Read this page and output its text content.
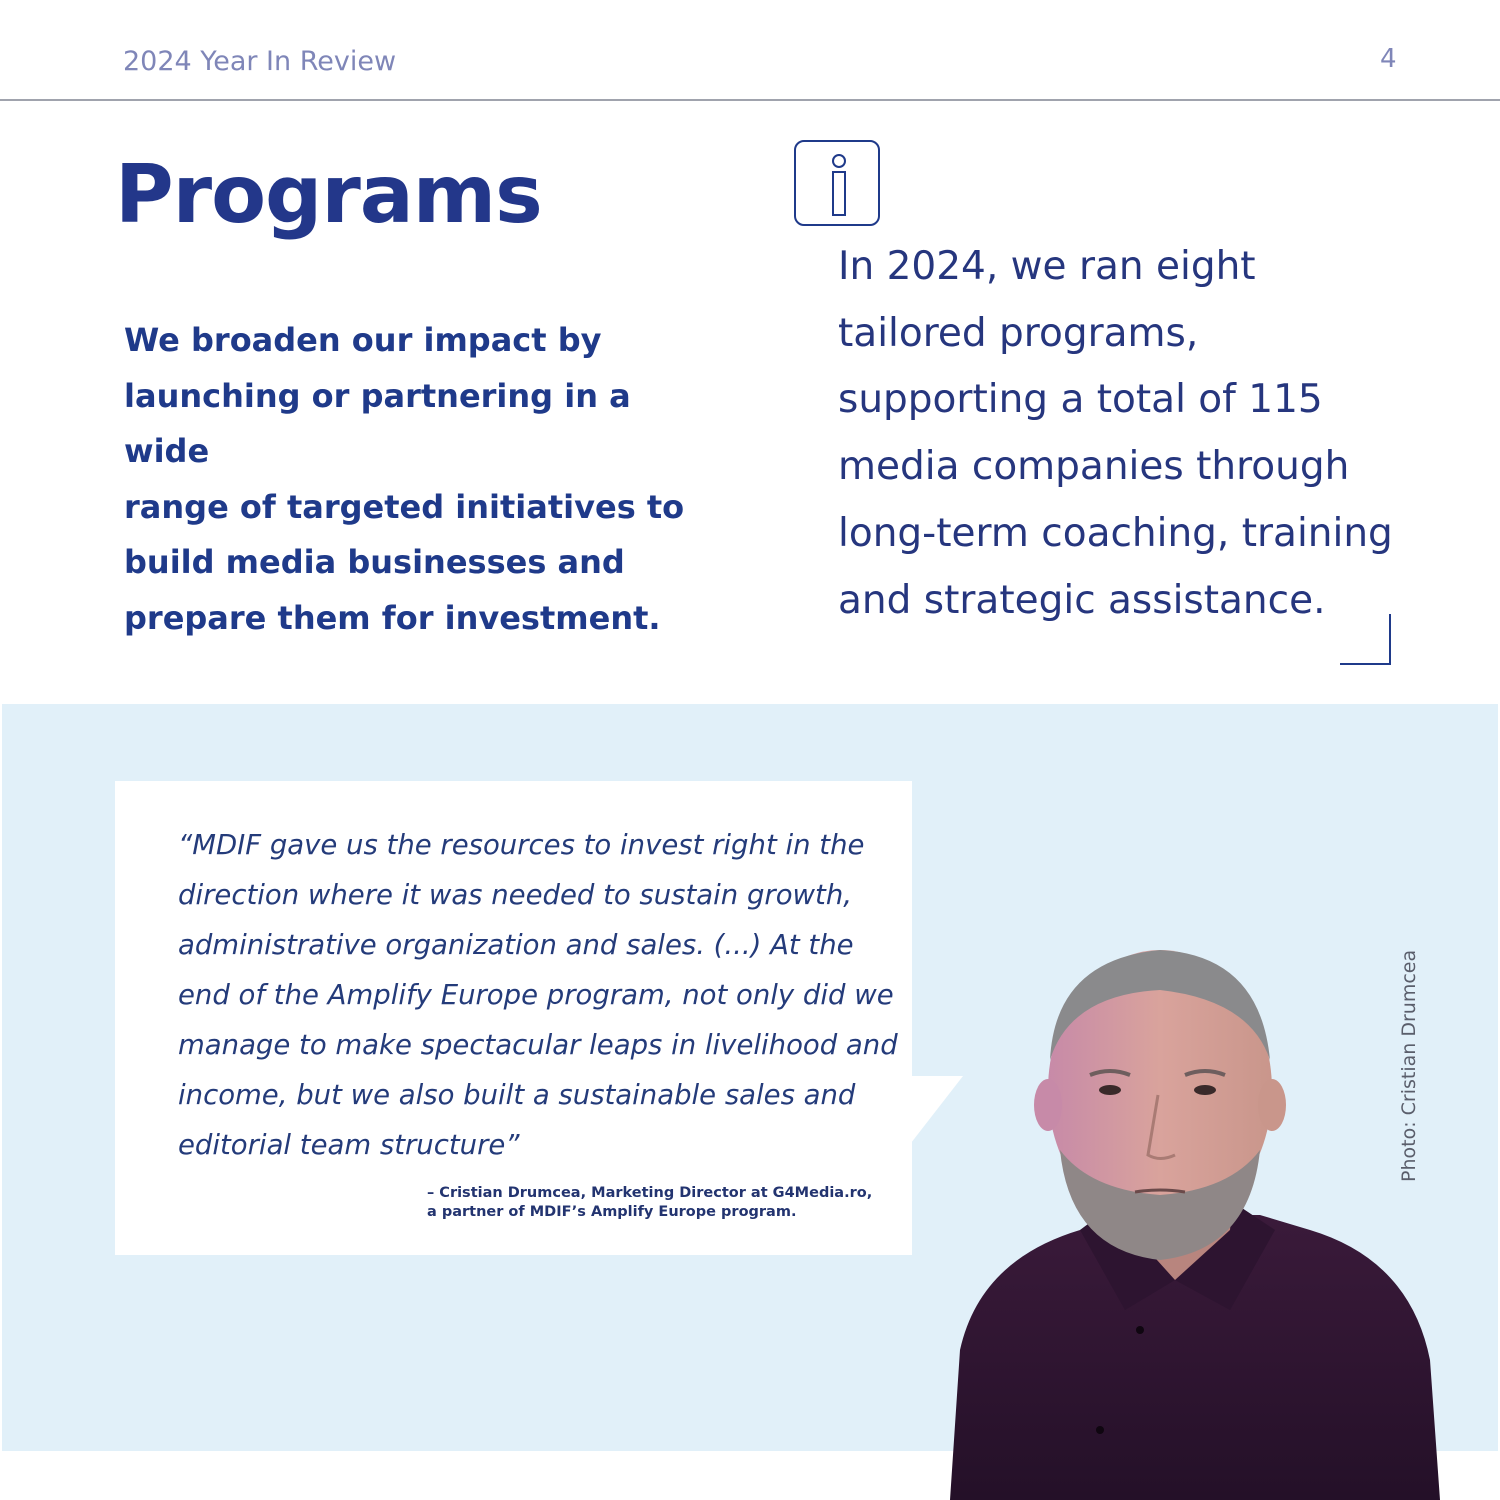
2024 Year In Review	4
Programs
We broaden our impact by
launching or partnering in a wide
range of targeted initiatives to
build media businesses and
prepare them for investment.
In 2024, we ran eight
tailored programs,
supporting a total of 115
media companies through
long-term coaching, training
and strategic assistance.
“MDIF gave us the resources to invest right in the
direction where it was needed to sustain growth,
administrative organization and sales. (...) At the
end of the Amplify Europe program, not only did we
manage to make spectacular leaps in livelihood and
income, but we also built a sustainable sales and
editorial team structure”
– Cristian Drumcea, Marketing Director at G4Media.ro,
a partner of MDIF’s Amplify Europe program.
Photo: Cristian Drumcea
